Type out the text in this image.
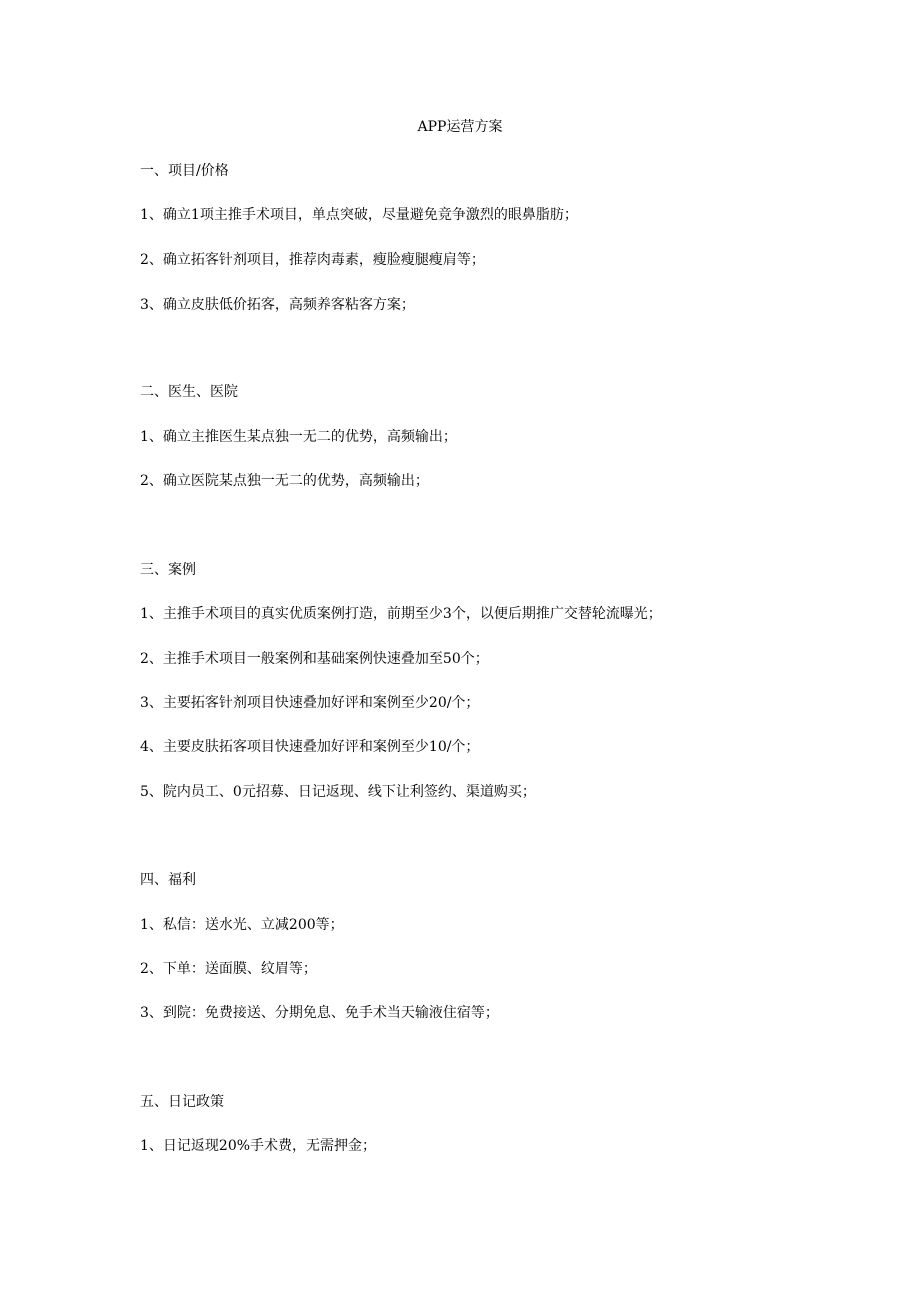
APP运营方案

一、项目/价格

1、确立1项主推手术项目，单点突破，尽量避免竞争激烈的眼鼻脂肪；

2、确立拓客针剂项目，推荐肉毒素，瘦脸瘦腿瘦肩等；

3、确立皮肤低价拓客，高频养客粘客方案；

二、医生、医院

1、确立主推医生某点独一无二的优势，高频输出；

2、确立医院某点独一无二的优势，高频输出；

三、案例

1、主推手术项目的真实优质案例打造，前期至少3个，以便后期推广交替轮流曝光；

2、主推手术项目一般案例和基础案例快速叠加至50个；

3、主要拓客针剂项目快速叠加好评和案例至少20/个；

4、主要皮肤拓客项目快速叠加好评和案例至少10/个；

5、院内员工、0元招募、日记返现、线下让利签约、渠道购买；

四、福利

1、私信：送水光、立减200等；

2、下单：送面膜、纹眉等；

3、到院：免费接送、分期免息、免手术当天输液住宿等；

五、日记政策

1、日记返现20%手术费，无需押金；
